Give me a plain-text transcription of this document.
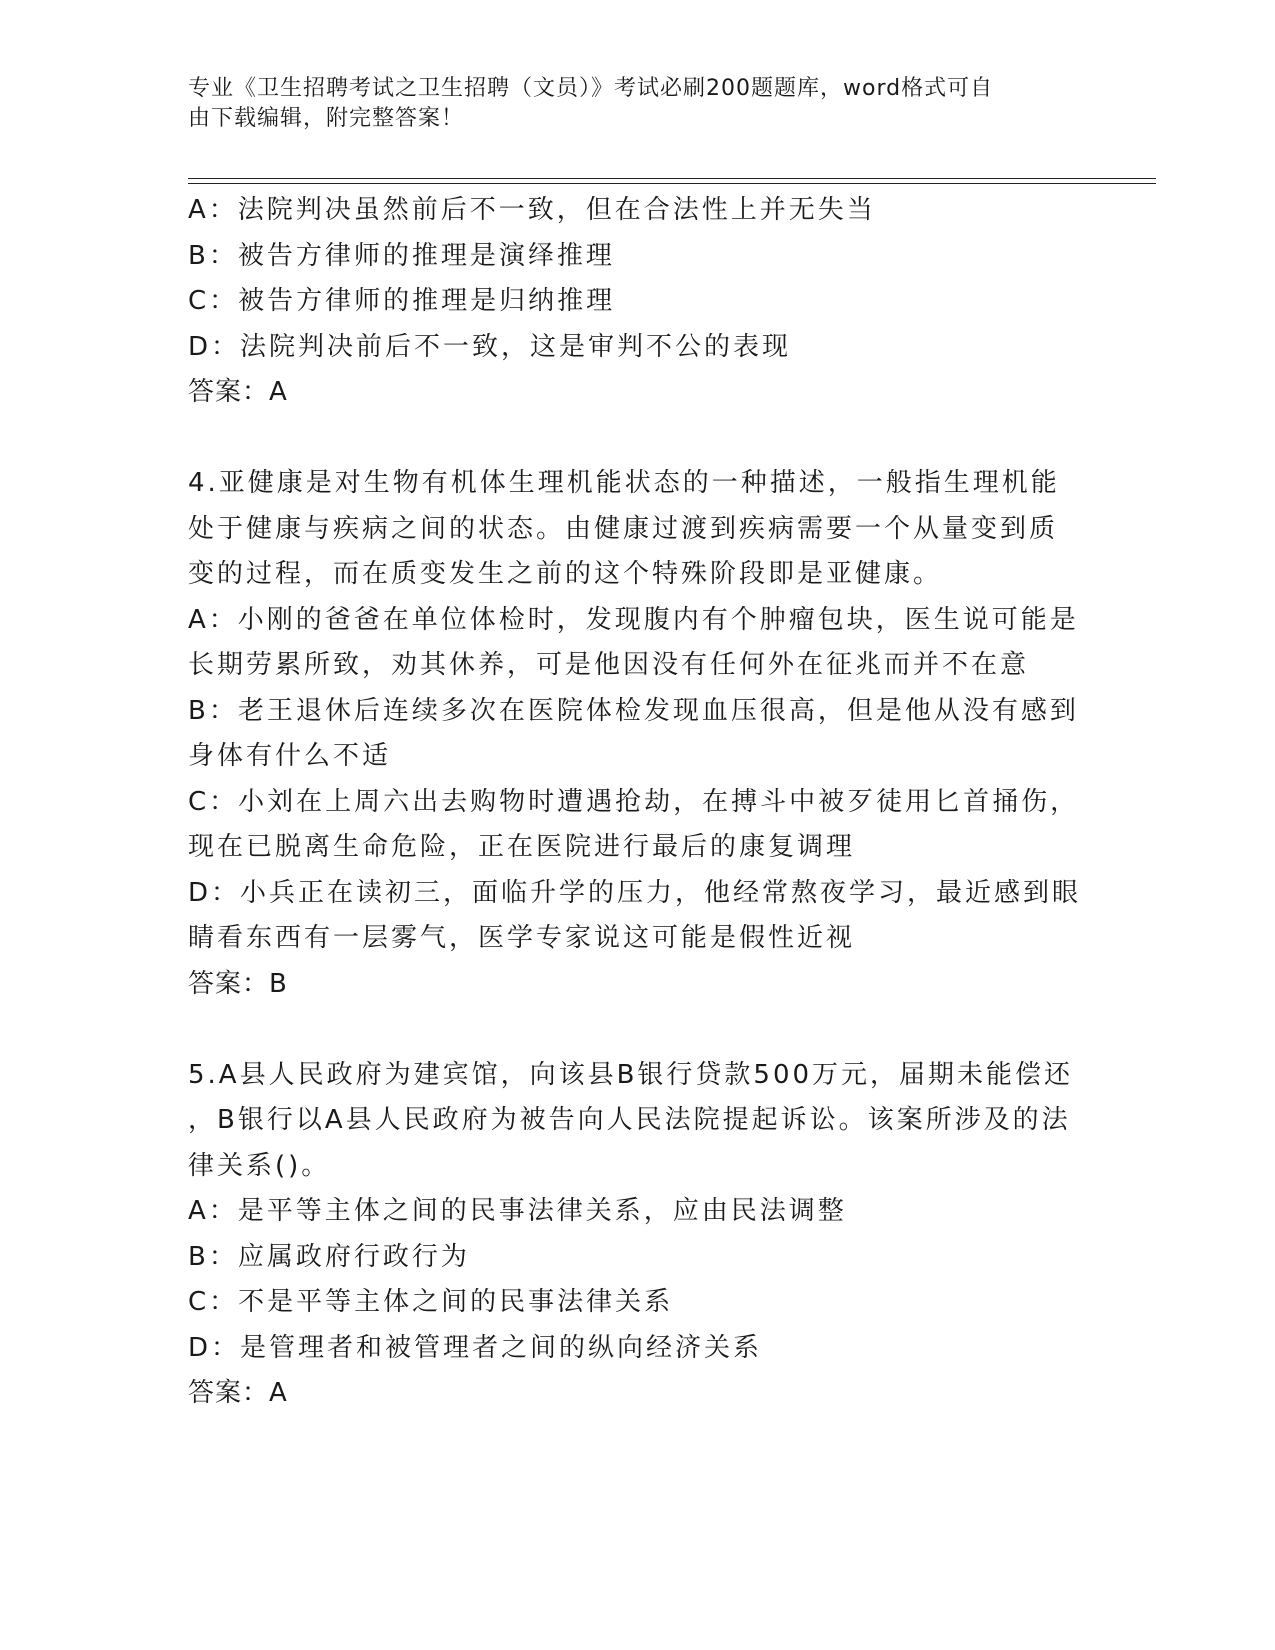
专业《卫生招聘考试之卫生招聘（文员）》考试必刷200题题库，word格式可自
由下载编辑，附完整答案！
A：法院判决虽然前后不一致，但在合法性上并无失当
B：被告方律师的推理是演绎推理
C：被告方律师的推理是归纳推理
D：法院判决前后不一致，这是审判不公的表现
答案：A
4.亚健康是对生物有机体生理机能状态的一种描述，一般指生理机能
处于健康与疾病之间的状态。由健康过渡到疾病需要一个从量变到质
变的过程，而在质变发生之前的这个特殊阶段即是亚健康。
A：小刚的爸爸在单位体检时，发现腹内有个肿瘤包块，医生说可能是
长期劳累所致，劝其休养，可是他因没有任何外在征兆而并不在意
B：老王退休后连续多次在医院体检发现血压很高，但是他从没有感到
身体有什么不适
C：小刘在上周六出去购物时遭遇抢劫，在搏斗中被歹徒用匕首捅伤，
现在已脱离生命危险，正在医院进行最后的康复调理
D：小兵正在读初三，面临升学的压力，他经常熬夜学习，最近感到眼
睛看东西有一层雾气，医学专家说这可能是假性近视
答案：B
5.A县人民政府为建宾馆，向该县B银行贷款500万元，届期未能偿还
，B银行以A县人民政府为被告向人民法院提起诉讼。该案所涉及的法
律关系()。
A：是平等主体之间的民事法律关系，应由民法调整
B：应属政府行政行为
C：不是平等主体之间的民事法律关系
D：是管理者和被管理者之间的纵向经济关系
答案：A
